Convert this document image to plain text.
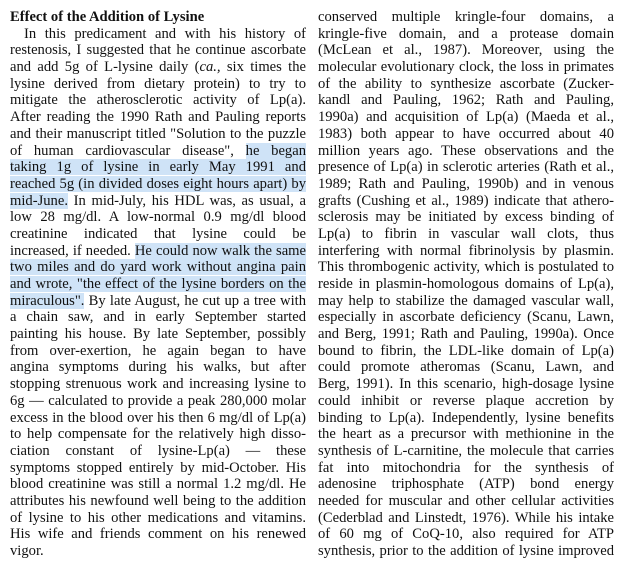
Effect of the Addition of Lysine
In this predicament and with his history of
restenosis, I suggested that he continue ascorbate
and add 5g of L-lysine daily (ca., six times the
lysine derived from dietary protein) to try to
mitigate the atherosclerotic activity of Lp(a).
After reading the 1990 Rath and Pauling reports
and their manuscript titled "Solution to the puzzle
of human cardiovascular disease", he began
taking 1g of lysine in early May 1991 and
reached 5g (in divided doses eight hours apart) by
mid-June. In mid-July, his HDL was, as usual, a
low 28 mg/dl. A low-normal 0.9 mg/dl blood
creatinine indicated that lysine could be
increased, if needed. He could now walk the same
two miles and do yard work without angina pain
and wrote, "the effect of the lysine borders on the
miraculous". By late August, he cut up a tree with
a chain saw, and in early September started
painting his house. By late September, possibly
from over-exertion, he again began to have
angina symptoms during his walks, but after
stopping strenuous work and increasing lysine to
6g — calculated to provide a peak 280,000 molar
excess in the blood over his then 6 mg/dl of Lp(a)
to help compensate for the relatively high disso-
ciation constant of lysine-Lp(a) — these
symptoms stopped entirely by mid-October. His
blood creatinine was still a normal 1.2 mg/dl. He
attributes his newfound well being to the addition
of lysine to his other medications and vitamins.
His wife and friends comment on his renewed
vigor.
conserved multiple kringle-four domains, a
kringle-five domain, and a protease domain
(McLean et al., 1987). Moreover, using the
molecular evolutionary clock, the loss in primates
of the ability to synthesize ascorbate (Zucker-
kandl and Pauling, 1962; Rath and Pauling,
1990a) and acquisition of Lp(a) (Maeda et al.,
1983) both appear to have occurred about 40
million years ago. These observations and the
presence of Lp(a) in sclerotic arteries (Rath et al.,
1989; Rath and Pauling, 1990b) and in venous
grafts (Cushing et al., 1989) indicate that athero-
sclerosis may be initiated by excess binding of
Lp(a) to fibrin in vascular wall clots, thus
interfering with normal fibrinolysis by plasmin.
This thrombogenic activity, which is postulated to
reside in plasmin-homologous domains of Lp(a),
may help to stabilize the damaged vascular wall,
especially in ascorbate deficiency (Scanu, Lawn,
and Berg, 1991; Rath and Pauling, 1990a). Once
bound to fibrin, the LDL-like domain of Lp(a)
could promote atheromas (Scanu, Lawn, and
Berg, 1991). In this scenario, high-dosage lysine
could inhibit or reverse plaque accretion by
binding to Lp(a). Independently, lysine benefits
the heart as a precursor with methionine in the
synthesis of L-carnitine, the molecule that carries
fat into mitochondria for the synthesis of
adenosine triphosphate (ATP) bond energy
needed for muscular and other cellular activities
(Cederblad and Linstedt, 1976). While his intake
of 60 mg of CoQ-10, also required for ATP
synthesis, prior to the addition of lysine improved
